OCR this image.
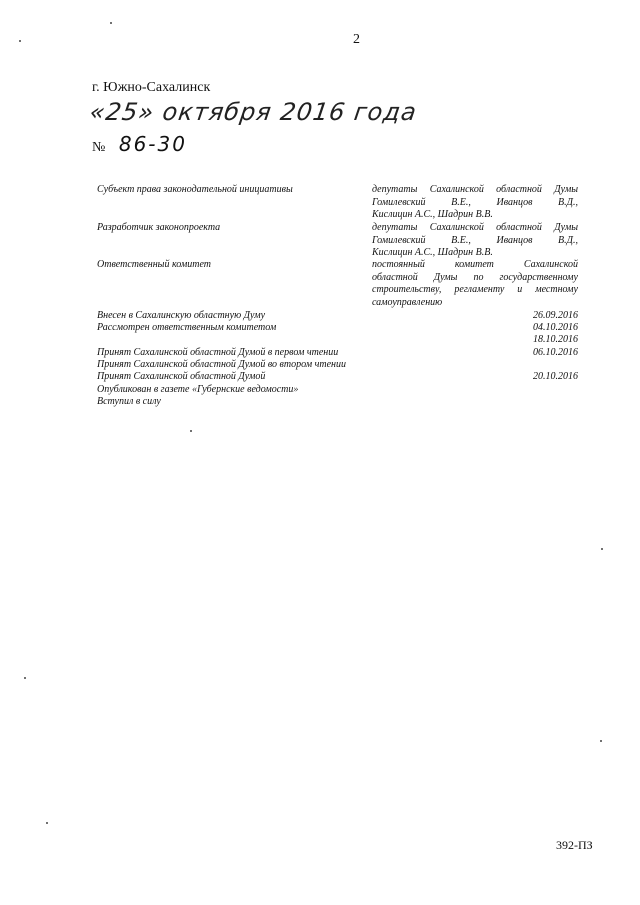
2
г. Южно-Сахалинск
«25» октября 2016 года
№ 86-30
Субъект права законодательной инициативы	депутаты Сахалинской областной Думы
Гомилевский В.Е., Иванцов В.Д.,
Кислицин А.С., Шадрин В.В.
Разработчик законопроекта	депутаты Сахалинской областной Думы
Гомилевский В.Е., Иванцов В.Д.,
Кислицин А.С., Шадрин В.В.
Ответственный комитет	постоянный комитет Сахалинской
областной Думы по государственному
строительству, регламенту и местному
самоуправлению
Внесен в Сахалинскую областную Думу	26.09.2016
Рассмотрен ответственным комитетом	04.10.2016
18.10.2016
Принят Сахалинской областной Думой в первом чтении	06.10.2016
Принят Сахалинской областной Думой во втором чтении
Принят Сахалинской областной Думой	20.10.2016
Опубликован в газете «Губернские ведомости»
Вступил в силу
392-ПЗ
